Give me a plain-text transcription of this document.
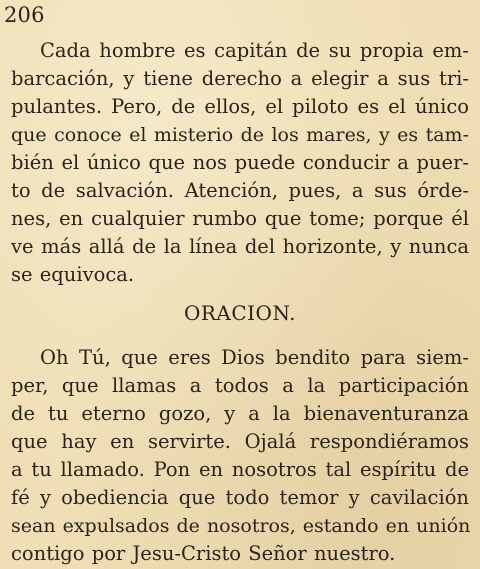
206
Cada hombre es capitán de su propia em-
barcación, y tiene derecho a elegir a sus tri-
pulantes. Pero, de ellos, el piloto es el único
que conoce el misterio de los mares, y es tam-
bién el único que nos puede conducir a puer-
to de salvación. Atención, pues, a sus órde-
nes, en cualquier rumbo que tome; porque él
ve más allá de la línea del horizonte, y nunca
se equivoca.
ORACION.
Oh Tú, que eres Dios bendito para siem-
per, que llamas a todos a la participación
de tu eterno gozo, y a la bienaventuranza
que hay en servirte. Ojalá respondiéramos
a tu llamado. Pon en nosotros tal espíritu de
fé y obediencia que todo temor y cavilación
sean expulsados de nosotros, estando en unión
contigo por Jesu-Cristo Señor nuestro.
